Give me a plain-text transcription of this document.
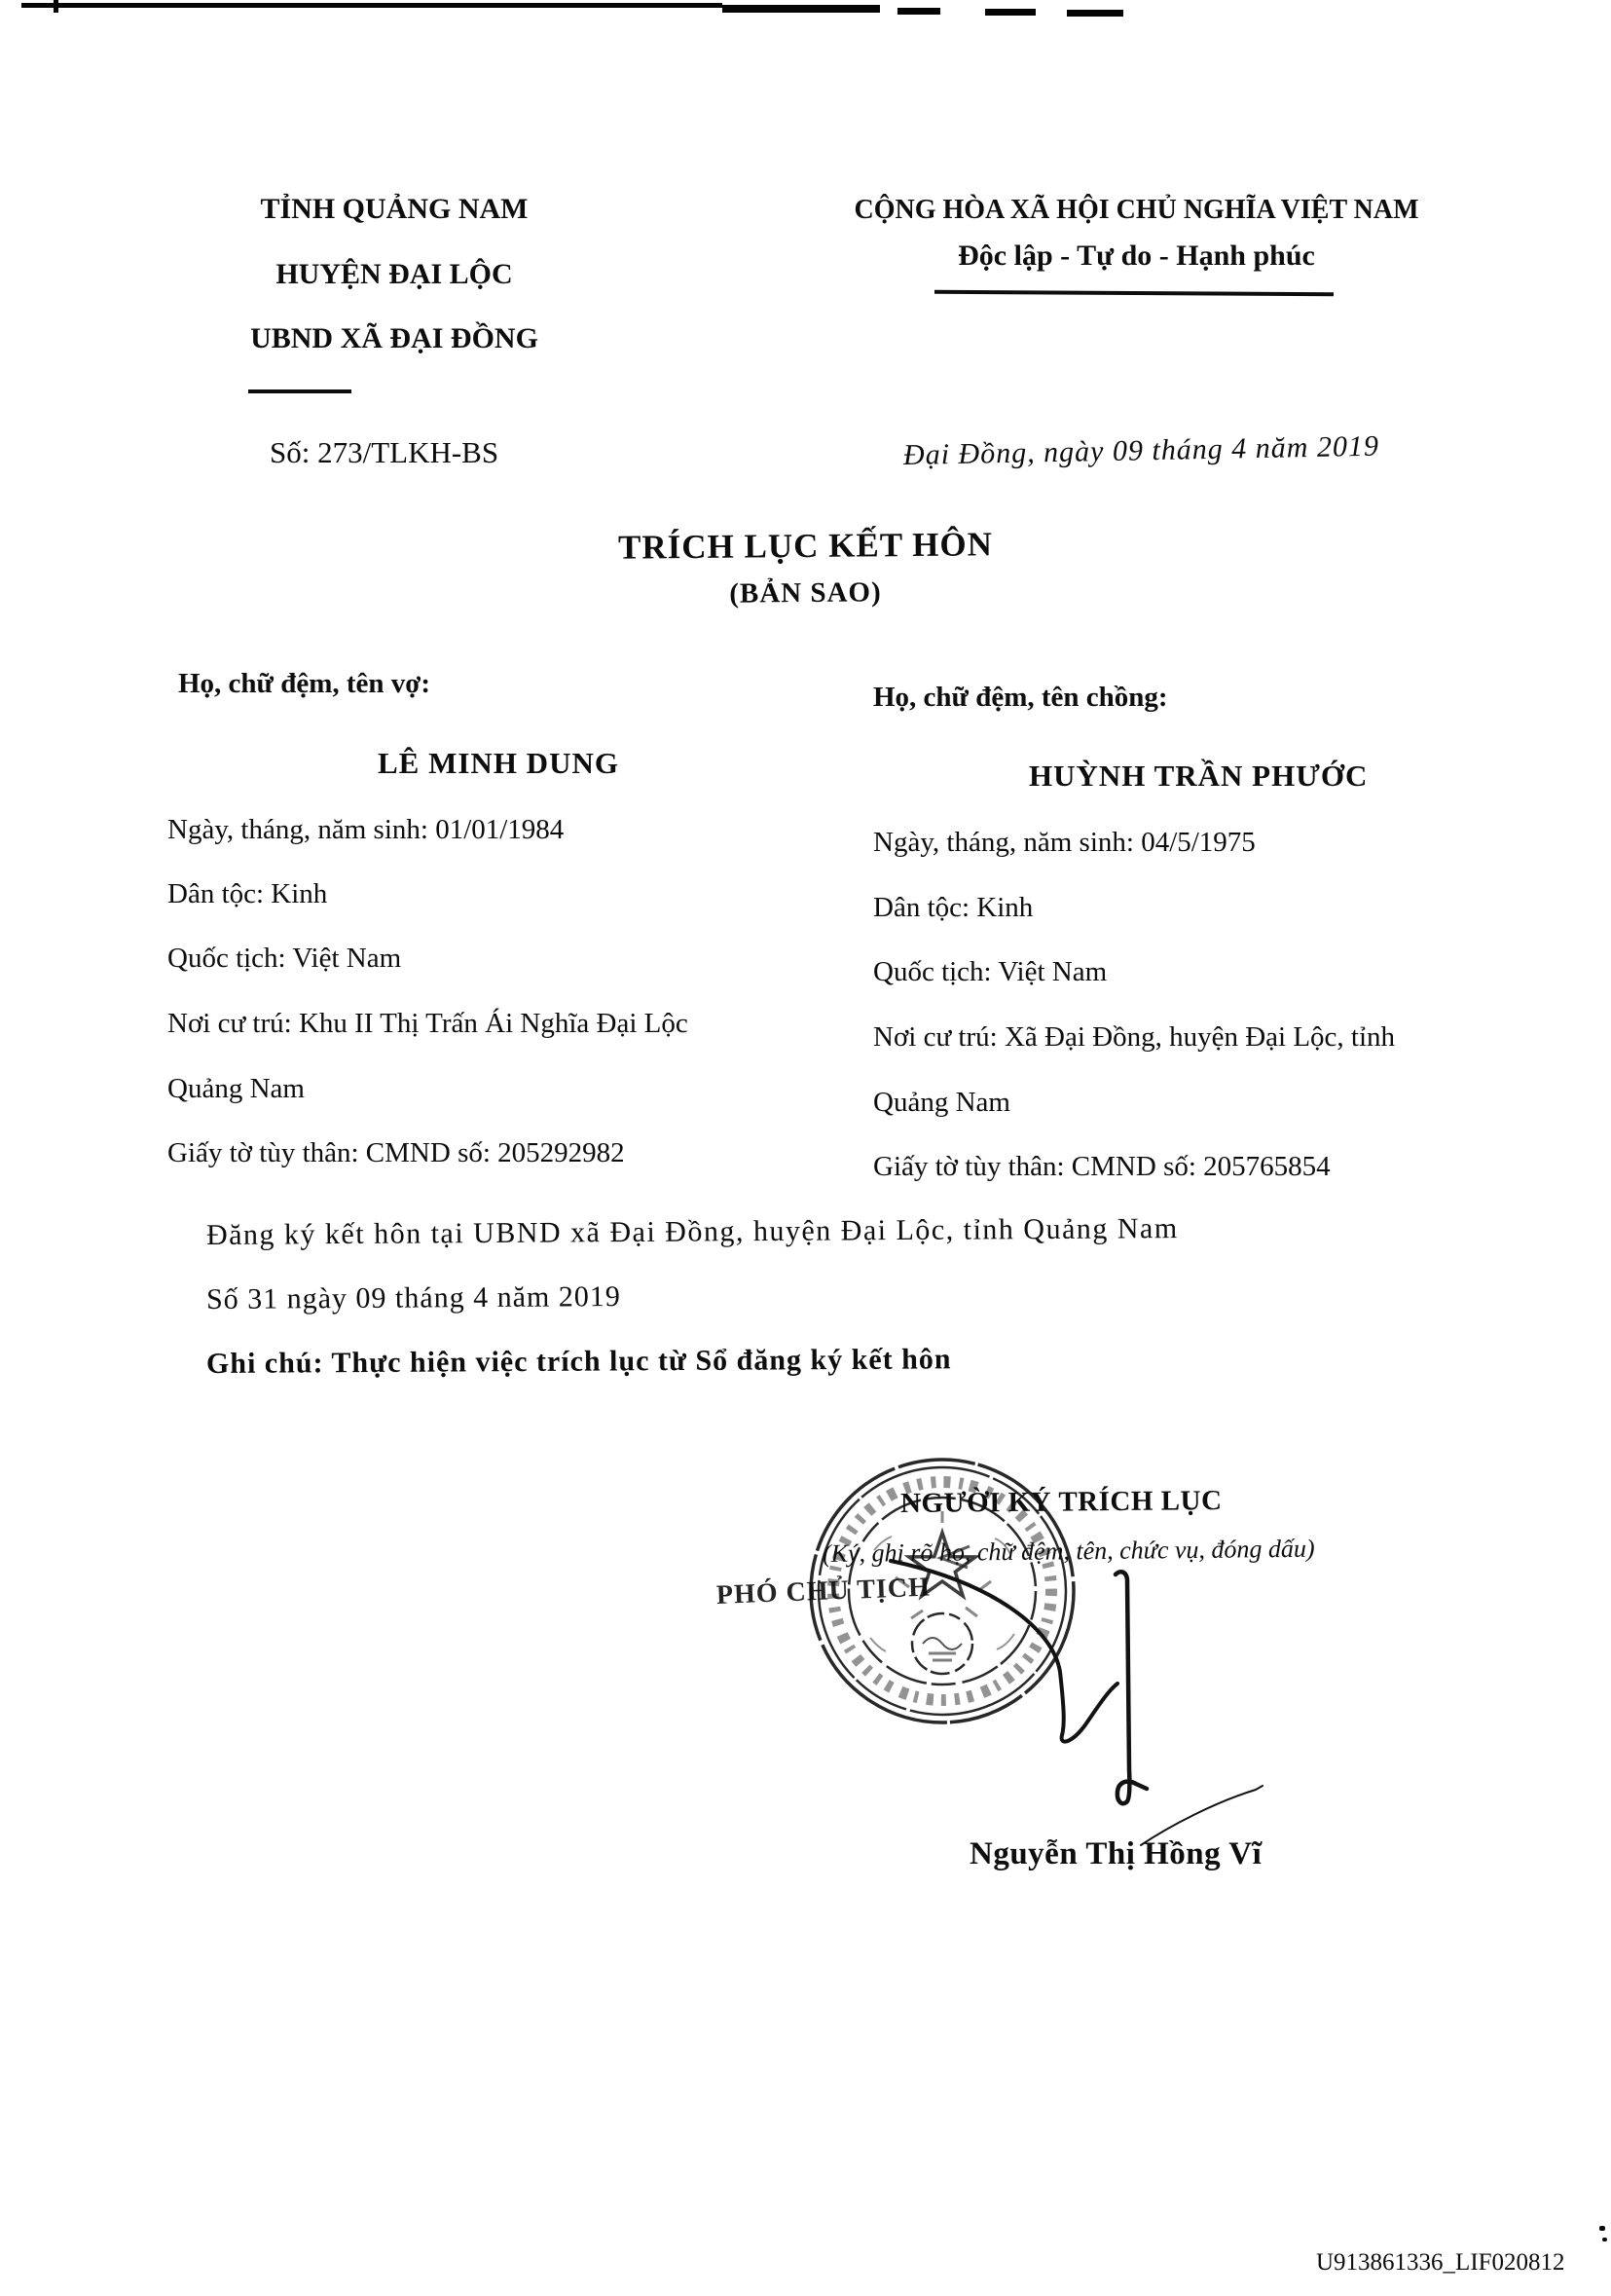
TỈNH QUẢNG NAM
HUYỆN ĐẠI LỘC
UBND XÃ ĐẠI ĐỒNG
CỘNG HÒA XÃ HỘI CHỦ NGHĨA VIỆT NAM
Độc lập - Tự do - Hạnh phúc
Số: 273/TLKH-BS	Đại Đồng, ngày 09 tháng 4 năm 2019
TRÍCH LỤC KẾT HÔN
(BẢN SAO)
Họ, chữ đệm, tên vợ:
LÊ MINH DUNG
Ngày, tháng, năm sinh: 01/01/1984
Dân tộc: Kinh
Quốc tịch: Việt Nam
Nơi cư trú: Khu II Thị Trấn Ái Nghĩa Đại Lộc
Quảng Nam
Giấy tờ tùy thân: CMND số: 205292982
Họ, chữ đệm, tên chồng:
HUỲNH TRẦN PHƯỚC
Ngày, tháng, năm sinh: 04/5/1975
Dân tộc: Kinh
Quốc tịch: Việt Nam
Nơi cư trú: Xã Đại Đồng, huyện Đại Lộc, tỉnh
Quảng Nam
Giấy tờ tùy thân: CMND số: 205765854
Đăng ký kết hôn tại UBND xã Đại Đồng, huyện Đại Lộc, tỉnh Quảng Nam
Số 31 ngày 09 tháng 4 năm 2019
Ghi chú: Thực hiện việc trích lục từ Sổ đăng ký kết hôn
NGƯỜI KÝ TRÍCH LỤC
(Ký, ghi rõ họ, chữ đệm, tên, chức vụ, đóng dấu)
PHÓ CHỦ TỊCH
Nguyễn Thị Hồng Vĩ
U913861336_LIF020812
